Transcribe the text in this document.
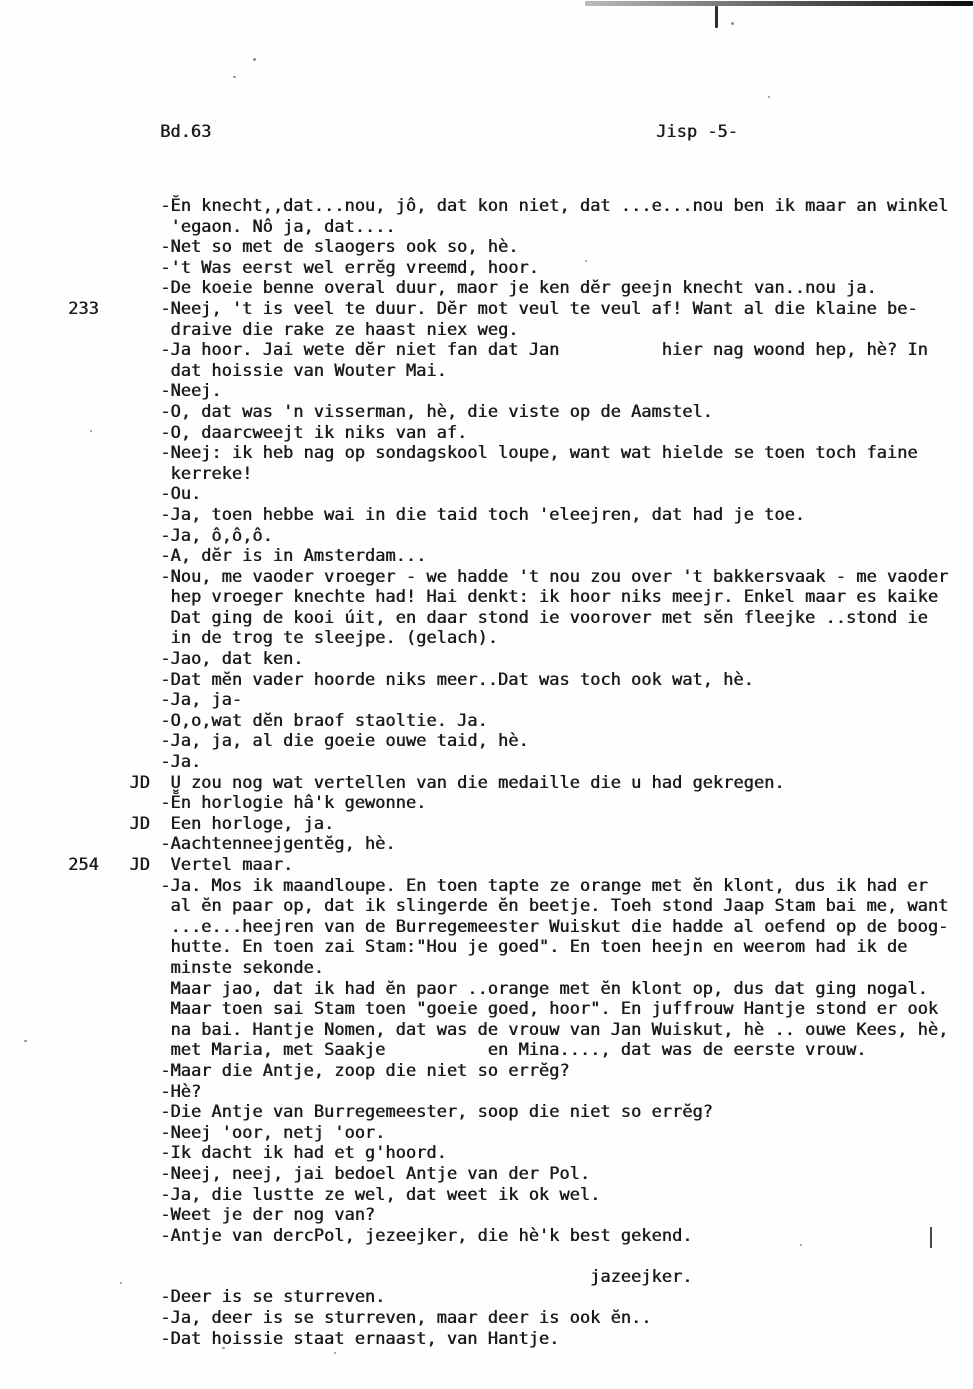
Bd.63	Jisp -5-
-Ĕn knecht,,dat...nou, jô, dat kon niet, dat ...e...nou ben ik maar an winkel
'egaon. Nô ja, dat....
-Net so met de slaogers ook so, hè.
-'t Was eerst wel errĕg vreemd, hoor.
-De koeie benne overal duur, maor je ken dĕr geejn knecht van..nou ja.
233      -Neej, 't is veel te duur. Dĕr mot veul te veul af! Want al die klaine be-
draive die rake ze haast niex weg.
-Ja hoor. Jai wete dĕr niet fan dat Jan          hier nag woond hep, hè? In
dat hoissie van Wouter Mai.
-Neej.
-O, dat was 'n visserman, hè, die viste op de Aamstel.
-O, daarcweejt ik niks van af.
-Neej: ik heb nag op sondagskool loupe, want wat hielde se toen toch faine
kerreke!
-Ou.
-Ja, toen hebbe wai in die taid toch 'eleejren, dat had je toe.
-Ja, ô,ô,ô.
-A, dĕr is in Amsterdam...
-Nou, me vaoder vroeger - we hadde 't nou zou over 't bakkersvaak - me vaoder
hep vroeger knechte had! Hai denkt: ik hoor niks meejr. Enkel maar es kaike
Dat ging de kooi úit, en daar stond ie voorover met sĕn fleejke ..stond ie
in de trog te sleejpe. (gelach).
-Jao, dat ken.
-Dat mĕn vader hoorde niks meer..Dat was toch ook wat, hè.
-Ja, ja-
-O,o,wat dĕn braof staoltie. Ja.
-Ja, ja, al die goeie ouwe taid, hè.
-Ja.
JD  U̮ zou nog wat vertellen van die medaille die u had gekregen.
-Ĕn horlogie hâ'k gewonne.
JD  Een horloge, ja.
-Aachtenneejgentĕg, hè.
254   JD  Vertel maar.
-Ja. Mos ik maandloupe. En toen tapte ze orange met ĕn klont, dus ik had er
al ĕn paar op, dat ik slingerde ĕn beetje. Toeh stond Jaap Stam bai me, want
...e...heejren van de Burregemeester Wuiskut die hadde al oefend op de boog-
hutte. En toen zai Stam:"Hou je goed". En toen heejn en weerom had ik de
minste sekonde.
Maar jao, dat ik had ĕn paor ..orange met ĕn klont op, dus dat ging nogal.
Maar toen sai Stam toen "goeie goed, hoor". En juffrouw Hantje stond er ook
na bai. Hantje Nomen, dat was de vrouw van Jan Wuiskut, hè .. ouwe Kees, hè,
met Maria, met Saakje          en Mina...., dat was de eerste vrouw.
-Maar die Antje, zoop die niet so errĕg?
-Hè?
-Die Antje van Burregemeester, soop die niet so errĕg?
-Neej 'oor, netj 'oor.
-Ik dacht ik had et g'hoord.
-Neej, neej, jai bedoel Antje van der Pol.
-Ja, die lustte ze wel, dat weet ik ok wel.
-Weet je der nog van?
-Antje van dercPol, jezeejker, die hè'k best gekend.
jazeejker.
-Deer is se sturreven.
-Ja, deer is se sturreven, maar deer is ook ĕn..
-Dat hoissie staat ernaast, van Hantje.
